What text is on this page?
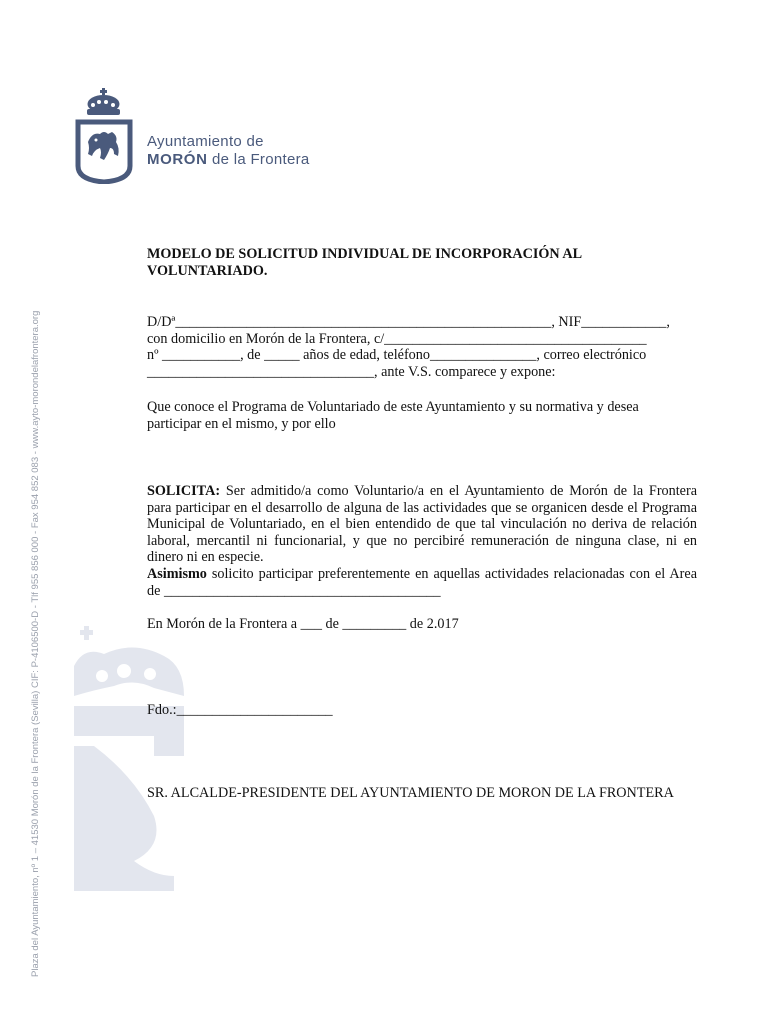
Ayuntamiento de
MORÓN de la Frontera
Plaza del Ayuntamiento, nº 1 – 41530 Morón de la Frontera (Sevilla) CIF: P-4106500-D - Tlf 955 856 000 - Fax 954 852 083 - www.ayto-morondelafrontera.org

MODELO DE SOLICITUD INDIVIDUAL DE INCORPORACIÓN AL

VOLUNTARIADO.

D/Dª_____________________________________________________, NIF____________,

con domicilio en Morón de la Frontera, c/_____________________________________

nº ___________, de _____ años de edad, teléfono_______________, correo electrónico

________________________________, ante V.S. comparece y expone:

Que conoce el Programa de Voluntariado de este Ayuntamiento y su normativa y desea

participar en el mismo, y por ello

SOLICITA: Ser admitido/a como Voluntario/a en el Ayuntamiento de Morón de la Frontera para participar en el desarrollo de alguna de las actividades que se organicen desde el Programa Municipal de Voluntariado, en el bien entendido de que tal vinculación no deriva de relación laboral, mercantil ni funcionarial, y que no percibiré remuneración de ninguna clase, ni en dinero ni en especie.

Asimismo solicito participar preferentemente en aquellas actividades relacionadas con el Area de _______________________________________

En Morón de la Frontera a ___ de _________ de 2.017
Fdo.:______________________
SR. ALCALDE-PRESIDENTE DEL AYUNTAMIENTO DE MORON DE LA FRONTERA
